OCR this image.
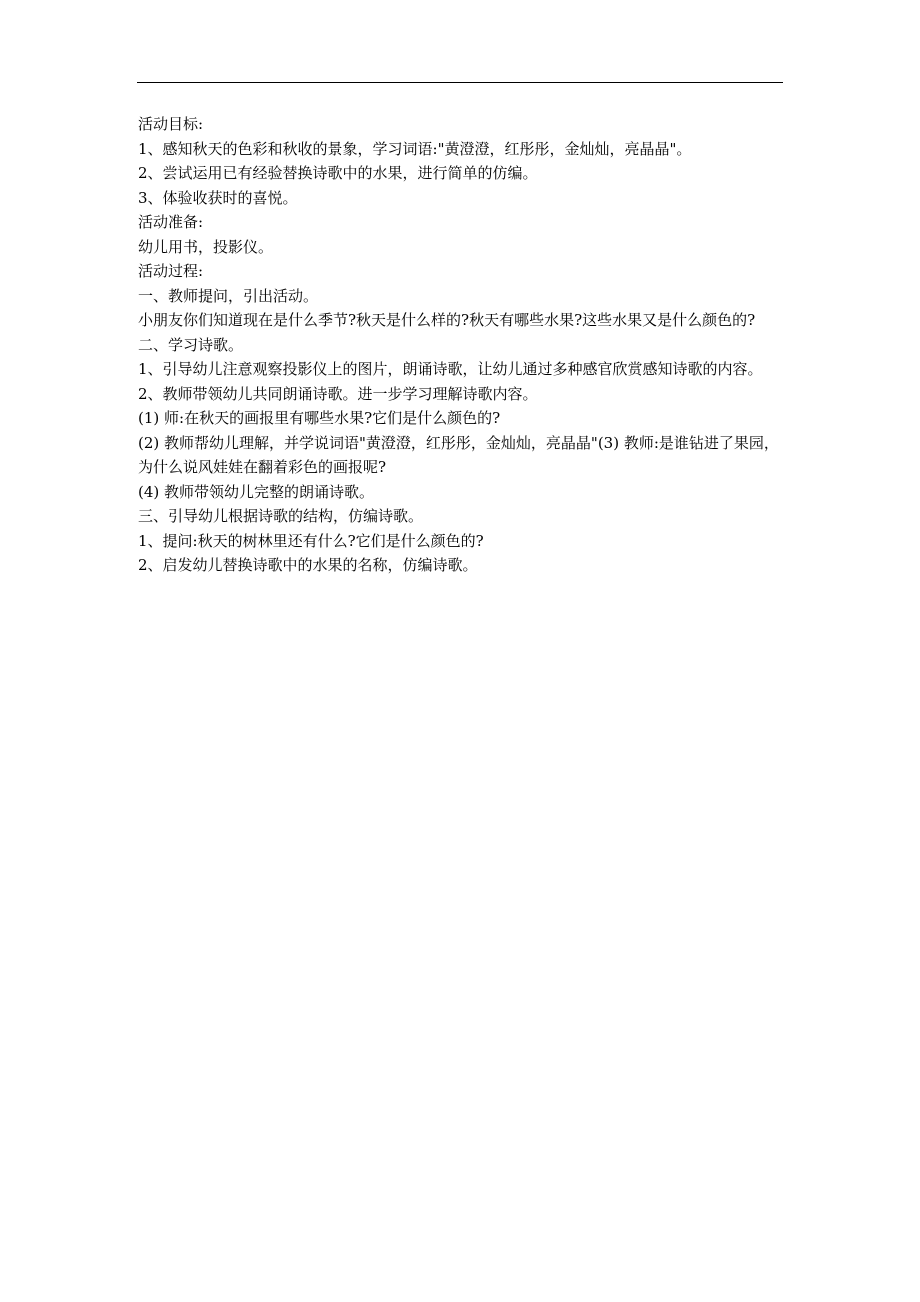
活动目标:

1、感知秋天的色彩和秋收的景象，学习词语:"黄澄澄，红彤彤，金灿灿，亮晶晶"。

2、尝试运用已有经验替换诗歌中的水果，进行简单的仿编。

3、体验收获时的喜悦。

活动准备:

幼儿用书，投影仪。

活动过程:

一、教师提问，引出活动。

小朋友你们知道现在是什么季节?秋天是什么样的?秋天有哪些水果?这些水果又是什么颜色的?

二、学习诗歌。

1、引导幼儿注意观察投影仪上的图片，朗诵诗歌，让幼儿通过多种感官欣赏感知诗歌的内容。

2、教师带领幼儿共同朗诵诗歌。进一步学习理解诗歌内容。

(1) 师:在秋天的画报里有哪些水果?它们是什么颜色的?

(2) 教师帮幼儿理解，并学说词语"黄澄澄，红彤彤，金灿灿，亮晶晶"(3) 教师:是谁钻进了果园，为什么说风娃娃在翻着彩色的画报呢?

(4) 教师带领幼儿完整的朗诵诗歌。

三、引导幼儿根据诗歌的结构，仿编诗歌。

1、提问:秋天的树林里还有什么?它们是什么颜色的?

2、启发幼儿替换诗歌中的水果的名称，仿编诗歌。
